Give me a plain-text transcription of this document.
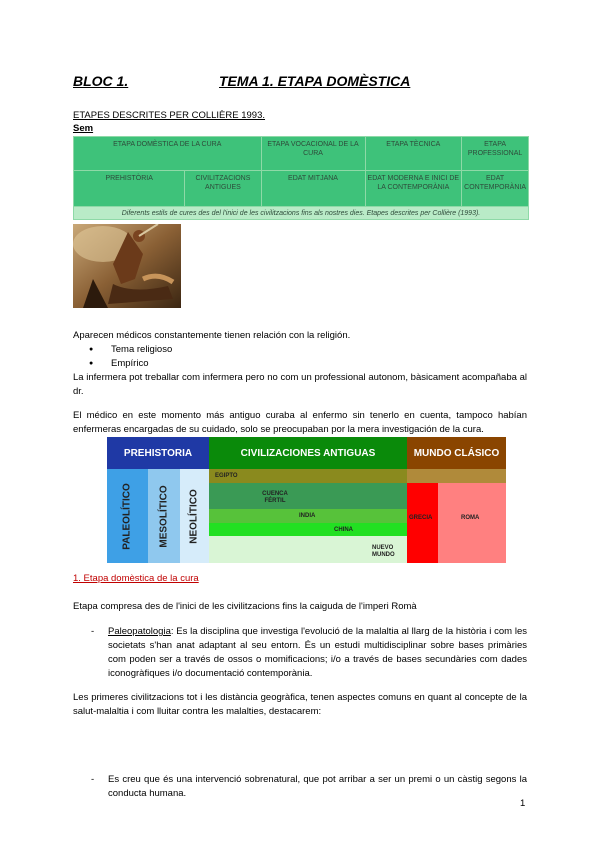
BLOC 1.	TEMA 1. ETAPA DOMÈSTICA
ETAPES DESCRITES PER COLLIÈRE 1993.
Sem
ETAPA DOMÈSTICA DE LA CURA		ETAPA VOCACIONAL DE LA CURA	ETAPA TÈCNICA	ETAPA PROFESSIONAL
PREHISTÒRIA	CIVILITZACIONS ANTIGUES	EDAT MITJANA	EDAT MODERNA E INICI DE LA CONTEMPORÀNIA	EDAT CONTEMPORÀNIA
Diferents estils de cures des del l'inici de les civilitzacions fins als nostres dies. Etapes descrites per Collière (1993).				
Aparecen médicos constantemente tienen relación con la religión.
● Tema religioso
● Empírico
La infermera pot treballar com infermera pero no com un professional autonom, bàsicament acompañaba al dr.
El médico en este momento más antiguo curaba al enfermo sin tenerlo en cuenta, tampoco habían enfermeras encargadas de su cuidado, solo se preocupaban por la mera investigación de la cura.
PREHISTORIA	CIVILIZACIONES ANTIGUAS	MUNDO CLÁSICO
PALEOLÍTICO	MESOLÍTICO NEOLÍTICO
EGIPTO
CUENCA FÉRTIL
INDIA
CHINA
NUEVO MUNDO
GRECIA	ROMA
1. Etapa domèstica de la cura
Etapa compresa des de l'inici de les civilitzacions fins la caiguda de l'imperi Romà
- Paleopatologia: Es la disciplina que investiga l'evolució de la malaltia al llarg de la història i com les societats s'han anat adaptant al seu entorn. És un estudi multidisciplinar sobre bases primàries com poden ser a través de ossos o momificacions; i/o a través de bases secundàries com dades iconogràfiques i/o documentació contemporània.
Les primeres civilitzacions tot i les distància geogràfica, tenen aspectes comuns en quant al concepte de la salut-malaltia i com lluitar contra les malalties, destacarem:
- Es creu que és una intervenció sobrenatural, que pot arribar a ser un premi o un càstig segons la conducta humana.
1
